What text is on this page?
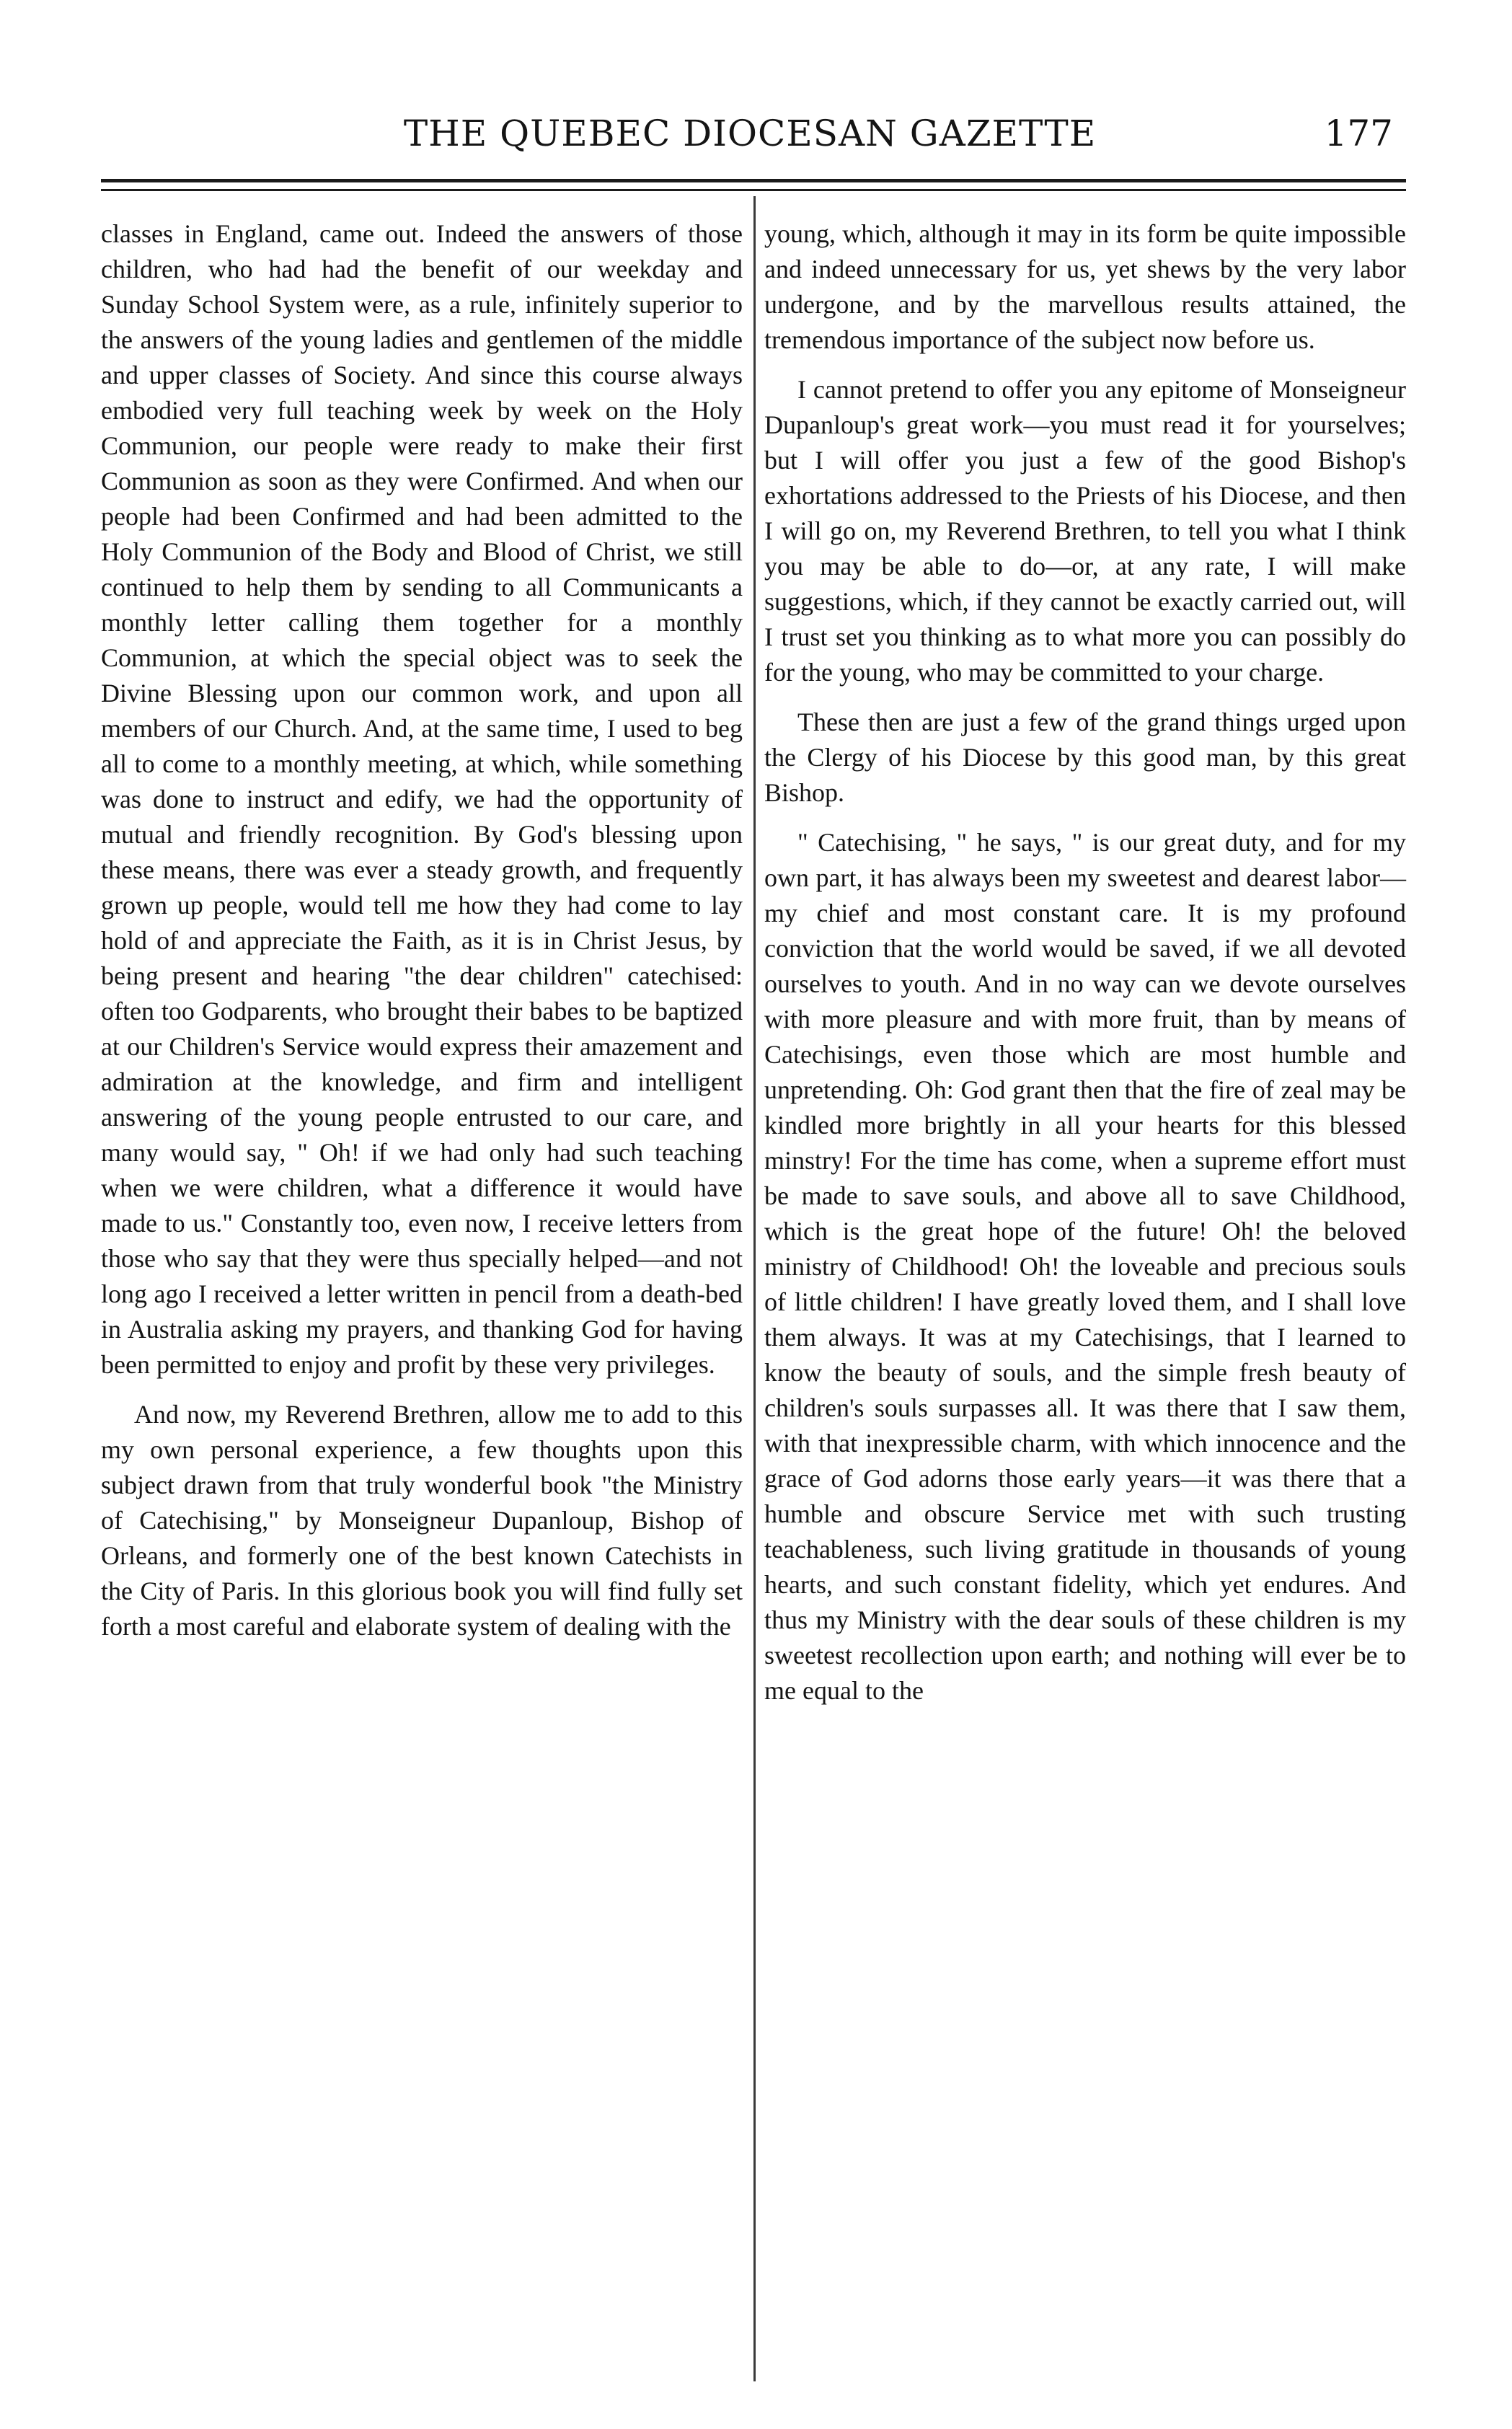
THE QUEBEC DIOCESAN GAZETTE	177

classes in England, came out. Indeed the answers of those children, who had had the benefit of our weekday and Sunday School System were, as a rule, infinitely superior to the answers of the young ladies and gentlemen of the middle and upper classes of Society. And since this course always embodied very full teaching week by week on the Holy Communion, our people were ready to make their first Communion as soon as they were Confirmed. And when our people had been Confirmed and had been admitted to the Holy Communion of the Body and Blood of Christ, we still continued to help them by sending to all Communicants a monthly letter calling them together for a monthly Communion, at which the special object was to seek the Divine Blessing upon our common work, and upon all members of our Church. And, at the same time, I used to beg all to come to a monthly meeting, at which, while something was done to instruct and edify, we had the opportunity of mutual and friendly recognition. By God's blessing upon these means, there was ever a steady growth, and frequently grown up people, would tell me how they had come to lay hold of and appreciate the Faith, as it is in Christ Jesus, by being present and hearing "the dear children" catechised: often too Godparents, who brought their babes to be baptized at our Children's Service would express their amazement and admiration at the knowledge, and firm and intelligent answering of the young people entrusted to our care, and many would say, " Oh! if we had only had such teaching when we were children, what a difference it would have made to us." Constantly too, even now, I receive letters from those who say that they were thus specially helped—and not long ago I received a letter written in pencil from a death-bed in Australia asking my prayers, and thanking God for having been permitted to enjoy and profit by these very privileges.

And now, my Reverend Brethren, allow me to add to this my own personal experience, a few thoughts upon this subject drawn from that truly wonderful book "the Ministry of Catechising," by Monseigneur Dupanloup, Bishop of Orleans, and formerly one of the best known Catechists in the City of Paris. In this glorious book you will find fully set forth a most careful and elaborate system of dealing with the

young, which, although it may in its form be quite impossible and indeed unnecessary for us, yet shews by the very labor undergone, and by the marvellous results attained, the tremendous importance of the subject now before us.

I cannot pretend to offer you any epitome of Monseigneur Dupanloup's great work—you must read it for yourselves; but I will offer you just a few of the good Bishop's exhortations addressed to the Priests of his Diocese, and then I will go on, my Reverend Brethren, to tell you what I think you may be able to do—or, at any rate, I will make suggestions, which, if they cannot be exactly carried out, will I trust set you thinking as to what more you can possibly do for the young, who may be committed to your charge.

These then are just a few of the grand things urged upon the Clergy of his Diocese by this good man, by this great Bishop.

" Catechising, " he says, " is our great duty, and for my own part, it has always been my sweetest and dearest labor—my chief and most constant care. It is my profound conviction that the world would be saved, if we all devoted ourselves to youth. And in no way can we devote ourselves with more pleasure and with more fruit, than by means of Catechisings, even those which are most humble and unpretending. Oh: God grant then that the fire of zeal may be kindled more brightly in all your hearts for this blessed minstry! For the time has come, when a supreme effort must be made to save souls, and above all to save Childhood, which is the great hope of the future! Oh! the beloved ministry of Childhood! Oh! the loveable and precious souls of little children! I have greatly loved them, and I shall love them always. It was at my Catechisings, that I learned to know the beauty of souls, and the simple fresh beauty of children's souls surpasses all. It was there that I saw them, with that inexpressible charm, with which innocence and the grace of God adorns those early years—it was there that a humble and obscure Service met with such trusting teachableness, such living gratitude in thousands of young hearts, and such constant fidelity, which yet endures. And thus my Ministry with the dear souls of these children is my sweetest recollection upon earth; and nothing will ever be to me equal to the
